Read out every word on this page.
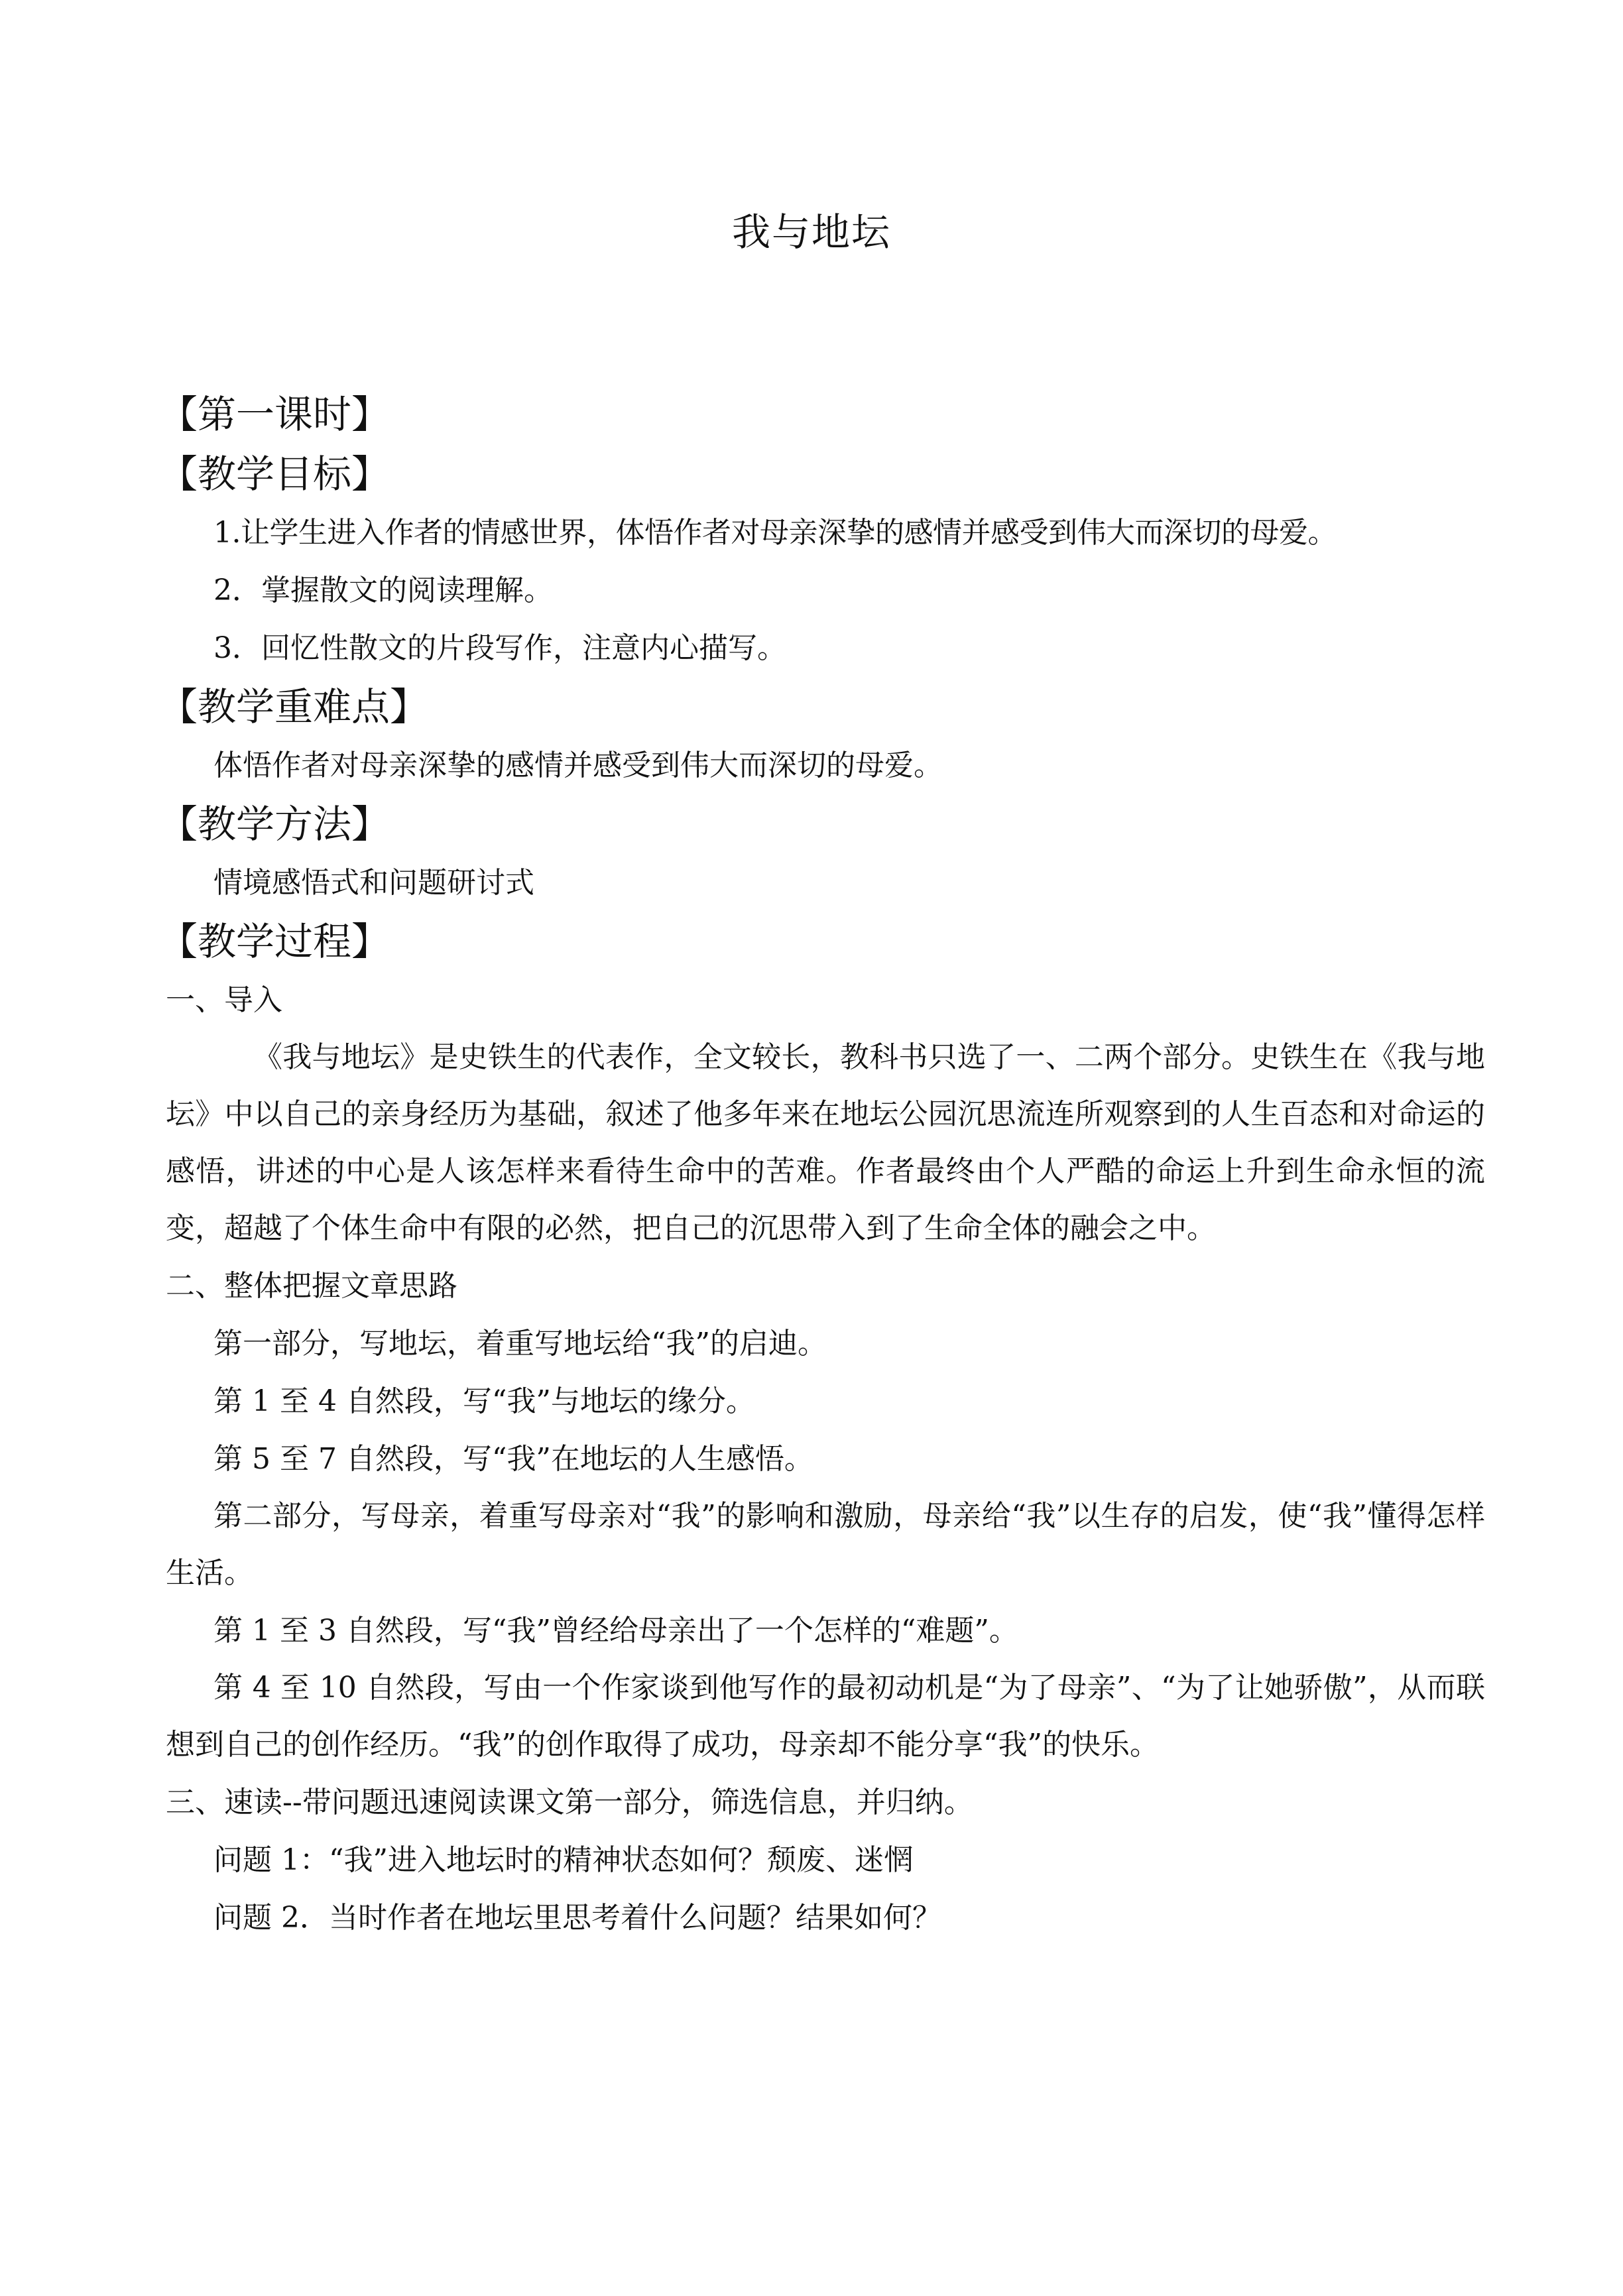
我与地坛
【第一课时】
【教学目标】
1.让学生进入作者的情感世界，体悟作者对母亲深挚的感情并感受到伟大而深切的母爱。
2．掌握散文的阅读理解。
3．回忆性散文的片段写作，注意内心描写。
【教学重难点】
体悟作者对母亲深挚的感情并感受到伟大而深切的母爱。
【教学方法】
情境感悟式和问题研讨式
【教学过程】
一、导入
《我与地坛》是史铁生的代表作，全文较长，教科书只选了一、二两个部分。史铁生在《我与地坛》中以自己的亲身经历为基础，叙述了他多年来在地坛公园沉思流连所观察到的人生百态和对命运的感悟，讲述的中心是人该怎样来看待生命中的苦难。作者最终由个人严酷的命运上升到生命永恒的流变，超越了个体生命中有限的必然，把自己的沉思带入到了生命全体的融会之中。
二、整体把握文章思路
第一部分，写地坛，着重写地坛给“我”的启迪。
第 1 至 4 自然段，写“我”与地坛的缘分。
第 5 至 7 自然段，写“我”在地坛的人生感悟。
第二部分，写母亲，着重写母亲对“我”的影响和激励，母亲给“我”以生存的启发，使“我”懂得怎样生活。
第 1 至 3 自然段，写“我”曾经给母亲出了一个怎样的“难题”。
第 4 至 10 自然段，写由一个作家谈到他写作的最初动机是“为了母亲”、“为了让她骄傲”，从而联想到自己的创作经历。“我”的创作取得了成功，母亲却不能分享“我”的快乐。
三、速读--带问题迅速阅读课文第一部分，筛选信息，并归纳。
问题 1：“我”进入地坛时的精神状态如何？颓废、迷惘
问题 2．当时作者在地坛里思考着什么问题？结果如何？
